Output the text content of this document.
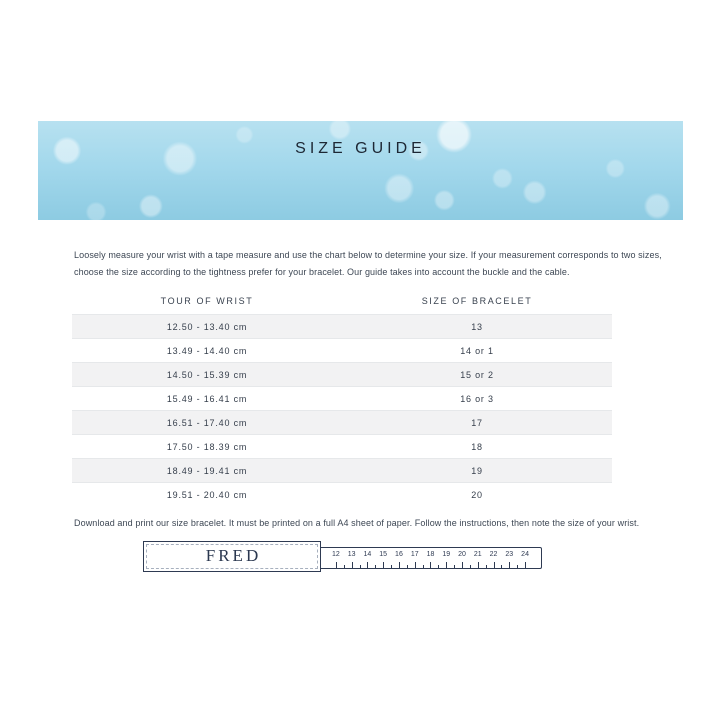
SIZE GUIDE

Loosely measure your wrist with a tape measure and use the chart below to determine your size. If your measurement corresponds to two sizes,
choose the size according to the tightness prefer for your bracelet. Our guide takes into account the buckle and the cable.

TOUR OF WRIST	SIZE OF BRACELET
12.50 - 13.40 cm	13
13.49 - 14.40 cm	14 or 1
14.50 - 15.39 cm	15 or 2
15.49 - 16.41 cm	16 or 3
16.51 - 17.40 cm	17
17.50 - 18.39 cm	18
18.49 - 19.41 cm	19
19.51 - 20.40 cm	20

Download and print our size bracelet. It must be printed on a full A4 sheet of paper. Follow the instructions, then note the size of your wrist.

12	13	14	15	16	17	18	19	20	21	22	23	24
FRED
